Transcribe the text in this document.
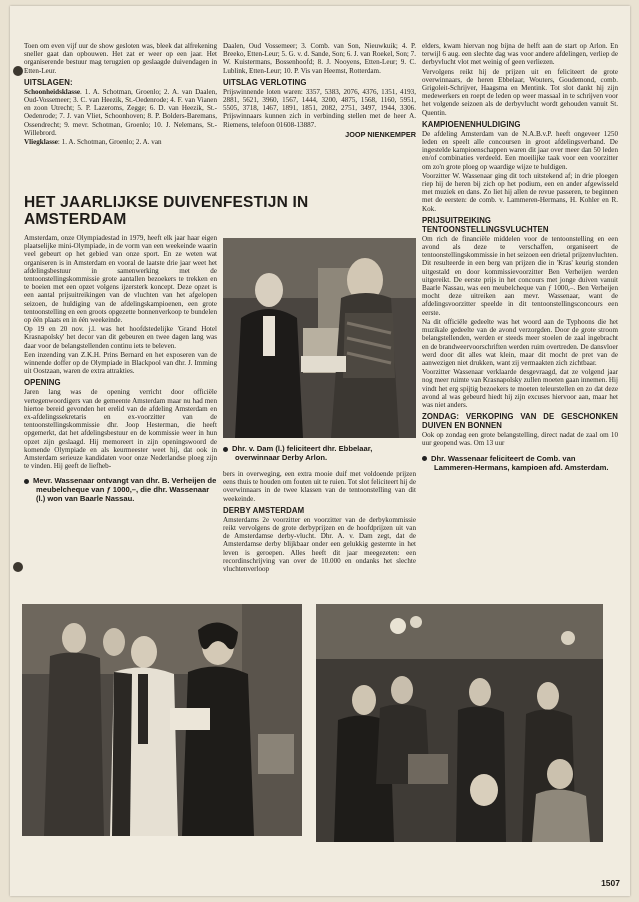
Toen om even vijf uur de show gesloten was, bleek dat alfrekening sneller gaat dan opbouwen. Het zat er weer op een jaar. Het organiserende bestuur mag terugzien op geslaagde duivendagen in Etten-Leur.

UITSLAGEN:

Schoonheidsklasse. 1. A. Schotman, Groenlo; 2. A. van Daalen, Oud-Vossemeer; 3. C. van Heezik, St.-Oedenrode; 4. F. van Vianen en zoon Utrecht; 5. P. Lazeroms, Zegge; 6. D. van Heezik, St.-Oedenrode; 7. J. van Vliet, Schoonhoven; 8. P. Bolders-Baremans, Ossendrecht; 9. mevr. Schotman, Groenlo; 10. J. Nelemans, St.-Willebrord.

Vliegklasse: 1. A. Schotman, Groenlo; 2. A. van

Daalen, Oud Vossemeer; 3. Comb. van Son, Nieuwkuik; 4. P. Breeko, Etten-Leur; 5. G. v. d. Sande, Son; 6. J. van Roekel, Son; 7. W. Kuistermans, Bossenhoofd; 8. J. Nooyens, Etten-Leur; 9. C. Lublink, Etten-Leur; 10. P. Vis van Heemst, Rotterdam.

UITSLAG VERLOTING

Prijswinnende loten waren: 3357, 5383, 2076, 4376, 1351, 4193, 2881, 5621, 3960, 1567, 1444, 3200, 4875, 1568, 1160, 5951, 5505, 3718, 1467, 1891, 1851, 2082, 2751, 3497, 1944, 3306. Prijswinnaars kunnen zich in verbinding stellen met de heer A. Riemens, telefoon 01608-13887.

JOOP NIENKEMPER
HET JAARLIJKSE DUIVENFESTIJN IN AMSTERDAM

Amsterdam, onze Olympiadestad in 1979, heeft elk jaar haar eigen plaatselijke mini-Olympiade, in de vorm van een weekeinde waarin veel gebeurt op het gebied van onze sport. En ze weten wat organiseren is in Amsterdam en vooral de laatste drie jaar weet het afdelingsbestuur in samenwerking met de tentoonstellingskommissie grote aantallen bezoekers te trekken en te boeien met een opzet volgens ijzersterk koncept. Deze opzet is een aantal prijsuitreikingen van de vluchten van het afgelopen seizoen, de huldiging van de afdelingskampioenen, een grote tentoonstelling en een groots opgezette bonnenverkoop te bundelen op één plaats en in één weekeinde.

Op 19 en 20 nov. j.l. was het hoofdstedelijke 'Grand Hotel Krasnapolsky' het decor van dit gebeuren en twee dagen lang was daar voor de belangstellenden continu iets te beleven.

Een inzending van Z.K.H. Prins Bernard en het exposeren van de winnende doffer op de Olympiade in Blackpool van dhr. J. Imming uit Oostzaan, waren de extra attrakties.

OPENING

Jaren lang was de opening verricht door officiële vertegenwoordigers van de gemeente Amsterdam maar nu had men hiertoe bereid gevonden het erelid van de afdeling Amsterdam en ex-afdelingssekretaris en ex-voorzitter van de tentoonstellingskommissie dhr. Joop Hesterman, die heeft opgemerkt, dat het afdelingsbestuur en de kommissie weer in hun opzet zijn geslaagd. Hij memoreert in zijn openingswoord de komende Olympiade en als keurmeester weet hij, dat ook in Amsterdam serieuze kandidaten voor onze Nederlandse ploeg zijn te vinden. Hij geeft de liefheb-

Mevr. Wassenaar ontvangt van dhr. B. Verheijen de meubelcheque van ƒ 1000,–, die dhr. Wassenaar (l.) won van Baarle Nassau.
Dhr. v. Dam (l.) feliciteert dhr. Ebbelaar, overwinnaar Derby Arlon.

bers in overweging, een extra mooie duif met voldoende prijzen eens thuis te houden om fouten uit te ruien. Tot slot feliciteert hij de overwinnaars in de twee klassen van de tentoonstelling van dit weekeinde.

DERBY AMSTERDAM

Amsterdams 2e voorzitter en voorzitter van de derbykommissie reikt vervolgens de grote derbyprijzen en de hoofdprijzen uit van de Amsterdamse derby-vlucht. Dhr. A. v. Dam zegt, dat de Amsterdamse derby blijkbaar onder een gelukkig gesternte in het leven is geroepen. Alles heeft dit jaar meegezeten: een recordinschrijving van over de 10.000 en ondanks het slechte vluchtenverloop

elders, kwam hiervan nog bijna de helft aan de start op Arlon. En terwijl 6 aug. een slechte dag was voor andere afdelingen, verliep de derbyvlucht vlot met weinig of geen verliezen.

Vervolgens reikt hij de prijzen uit en feliciteert de grote overwinnaars, de heren Ebbelaar, Wouters, Goudemond, comb. Grigoleit-Schrijver, Haagsma en Mentink. Tot slot dankt hij zijn medewerkers en roept de leden op weer massaal in te schrijven voor het volgende seizoen als de derbyvlucht wordt gehouden vanuit St. Quentin.

KAMPIOENENHULDIGING

De afdeling Amsterdam van de N.A.B.v.P. heeft ongeveer 1250 leden en speelt alle concoursen in groot afdelingsverband. De ingestelde kampioenschappen waren dit jaar over meer dan 50 leden en/of combinaties verdeeld. Een moeilijke taak voor een voorzitter om zo'n grote ploeg op waardige wijze te huldigen.

Voorzitter W. Wassenaar ging dit toch uitstekend af; in drie ploegen riep hij de heren bij zich op het podium, een en ander afgewisseld met muziek en dans. Zo liet hij allen de revue passeren, te beginnen met de eersten: de comb. v. Lammeren-Hermans, H. Kohler en R. Kok.

PRIJSUITREIKING TENTOONSTELLINGSVLUCHTEN

Om rich de financiële middelen voor de tentoonstelling en een avond als deze te verschaffen, organiseert de tentoonstellingskommissie in het seizoen een drietal prijzenvluchten. Dit resulteerde in een berg van prijzen die in 'Kras' keurig stonden uitgestald en door kommissievoorzitter Ben Verheijen werden uitgereikt. De eerste prijs in het concours met jonge duiven vanuit Baarle Nassau, was een meubelcheque van ƒ 1000,–. Ben Verheijen mocht deze uitreiken aan mevr. Wassenaar, want de afdelingsvoorzitter speelde in dit tentoonstellingsconcours een eerste.

Na dit officiële gedeelte was het woord aan de Typhoons die het muzikale gedeelte van de avond verzorgden. Door de grote stroom belangstellenden, werden er steeds meer stoelen de zaal ingebracht en de brandweervoorschriften werden ruim overtreden. De dansvloer werd door dit alles wat klein, maar dit mocht de pret van de aanwezigen niet drukken, want zij vermaakten zich zichtbaar.

Voorzitter Wassenaar verklaarde desgevraagd, dat ze volgend jaar nog meer ruimte van Krasnapolsky zullen moeten gaan innemen. Hij vindt het erg spijtig bezoekers te moeten teleurstellen en zo dat deze avond al was gebeurd hiedt hij zijn excuses hiervoor aan, maar het was niet anders.

ZONDAG: VERKOPING VAN DE GESCHONKEN DUIVEN EN BONNEN

Ook op zondag een grote belangstelling, direct nadat de zaal om 10 uur geopend was. Om 13 uur

Dhr. Wassenaar feliciteert de Comb. van Lammeren-Hermans, kampioen afd. Amsterdam.
1507
